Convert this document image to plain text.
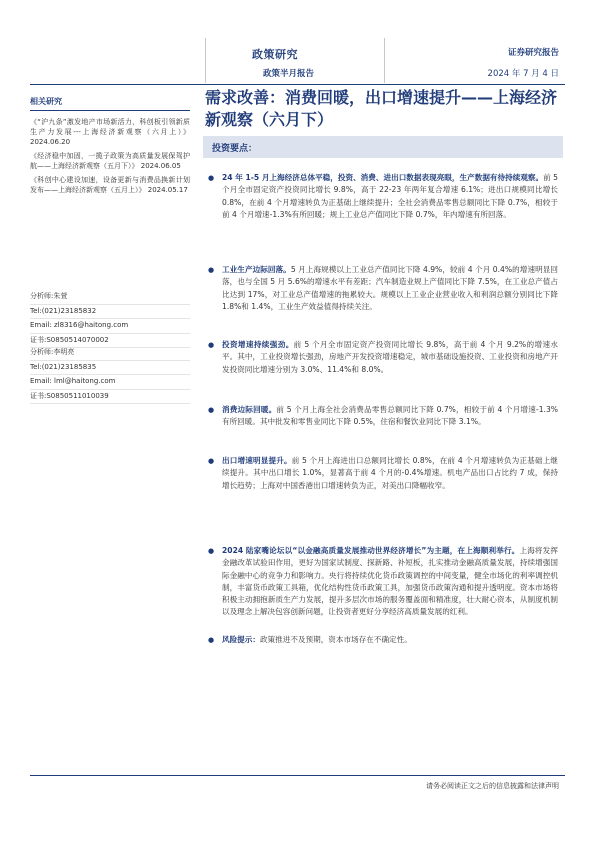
政策研究
政策半月报告
证券研究报告
2024 年 7 月 4 日
相关研究
《“沪九条”激发地产市场新活力，科创板引领新质生产力发展---上海经济新观察（六月上）》 2024.06.20
《经济稳中加固，一揽子政策为高质量发展保驾护航——上海经济新观察（五月下）》 2024.06.05
《科创中心建设加速，设备更新与消费品换新计划发布——上海经济新观察（五月上）》 2024.05.17
分析师:朱萱
Tel:(021)23185832
Email: zl8316@haitong.com
证书:S0850514070002
分析师:李明亮
Tel:(021)23185835
Email: lml@haitong.com
证书:S0850511010039
需求改善：消费回暖，出口增速提升——上海经济新观察（六月下）
投资要点：
● 24 年 1-5 月上海经济总体平稳，投资、消费、进出口数据表现亮眼，生产数据有待持续观察。前 5 个月全市固定资产投资同比增长 9.8%，高于 22-23 年两年复合增速 6.1%；进出口规模同比增长 0.8%，在前 4 个月增速转负为正基础上继续提升；全社会消费品零售总额同比下降 0.7%，相较于前 4 个月增速-1.3%有所回暖；规上工业总产值同比下降 0.7%，年内增速有所回落。
● 工业生产边际回落。5 月上海规模以上工业总产值同比下降 4.9%，较前 4 个月 0.4%的增速明显回落，也与全国 5 月 5.6%的增速水平有差距；汽车制造业规上产值同比下降 7.5%，在工业总产值占比达到 17%，对工业总产值增速的拖累较大。规模以上工业企业营业收入和利润总额分别同比下降 1.8%和 1.4%，工业生产效益值得持续关注。
● 投资增速持续强劲。前 5 个月全市固定资产投资同比增长 9.8%，高于前 4 个月 9.2%的增速水平。其中，工业投资增长强劲，房地产开发投资增速稳定，城市基础设施投资、工业投资和房地产开发投资同比增速分别为 3.0%、11.4%和 8.0%。
● 消费边际回暖。前 5 个月上海全社会消费品零售总额同比下降 0.7%，相较于前 4 个月增速-1.3%有所回暖。其中批发和零售业同比下降 0.5%，住宿和餐饮业同比下降 3.1%。
● 出口增速明显提升。前 5 个月上海进出口总额同比增长 0.8%，在前 4 个月增速转负为正基础上继续提升。其中出口增长 1.0%，显著高于前 4 个月的-0.4%增速。机电产品出口占比约 7 成，保持增长趋势；上海对中国香港出口增速转负为正，对美出口降幅收窄。
● 2024 陆家嘴论坛以“以金融高质量发展推动世界经济增长”为主题，在上海顺利举行。上海将发挥金融改革试验田作用，更好为国家试制度、探新路、补短板，扎实推动金融高质量发展，持续增强国际金融中心的竞争力和影响力。央行将持续优化货币政策调控的中间变量，健全市场化的利率调控机制，丰富货币政策工具箱，优化结构性货币政策工具，加强货币政策沟通和提升透明度。资本市场将积极主动拥抱新质生产力发展，提升多层次市场的服务覆盖面和精准度，壮大耐心资本，从制度机制以及理念上解决包容创新问题，让投资者更好分享经济高质量发展的红利。
● 风险提示：政策推进不及预期，资本市场存在不确定性。
请务必阅读正文之后的信息披露和法律声明
